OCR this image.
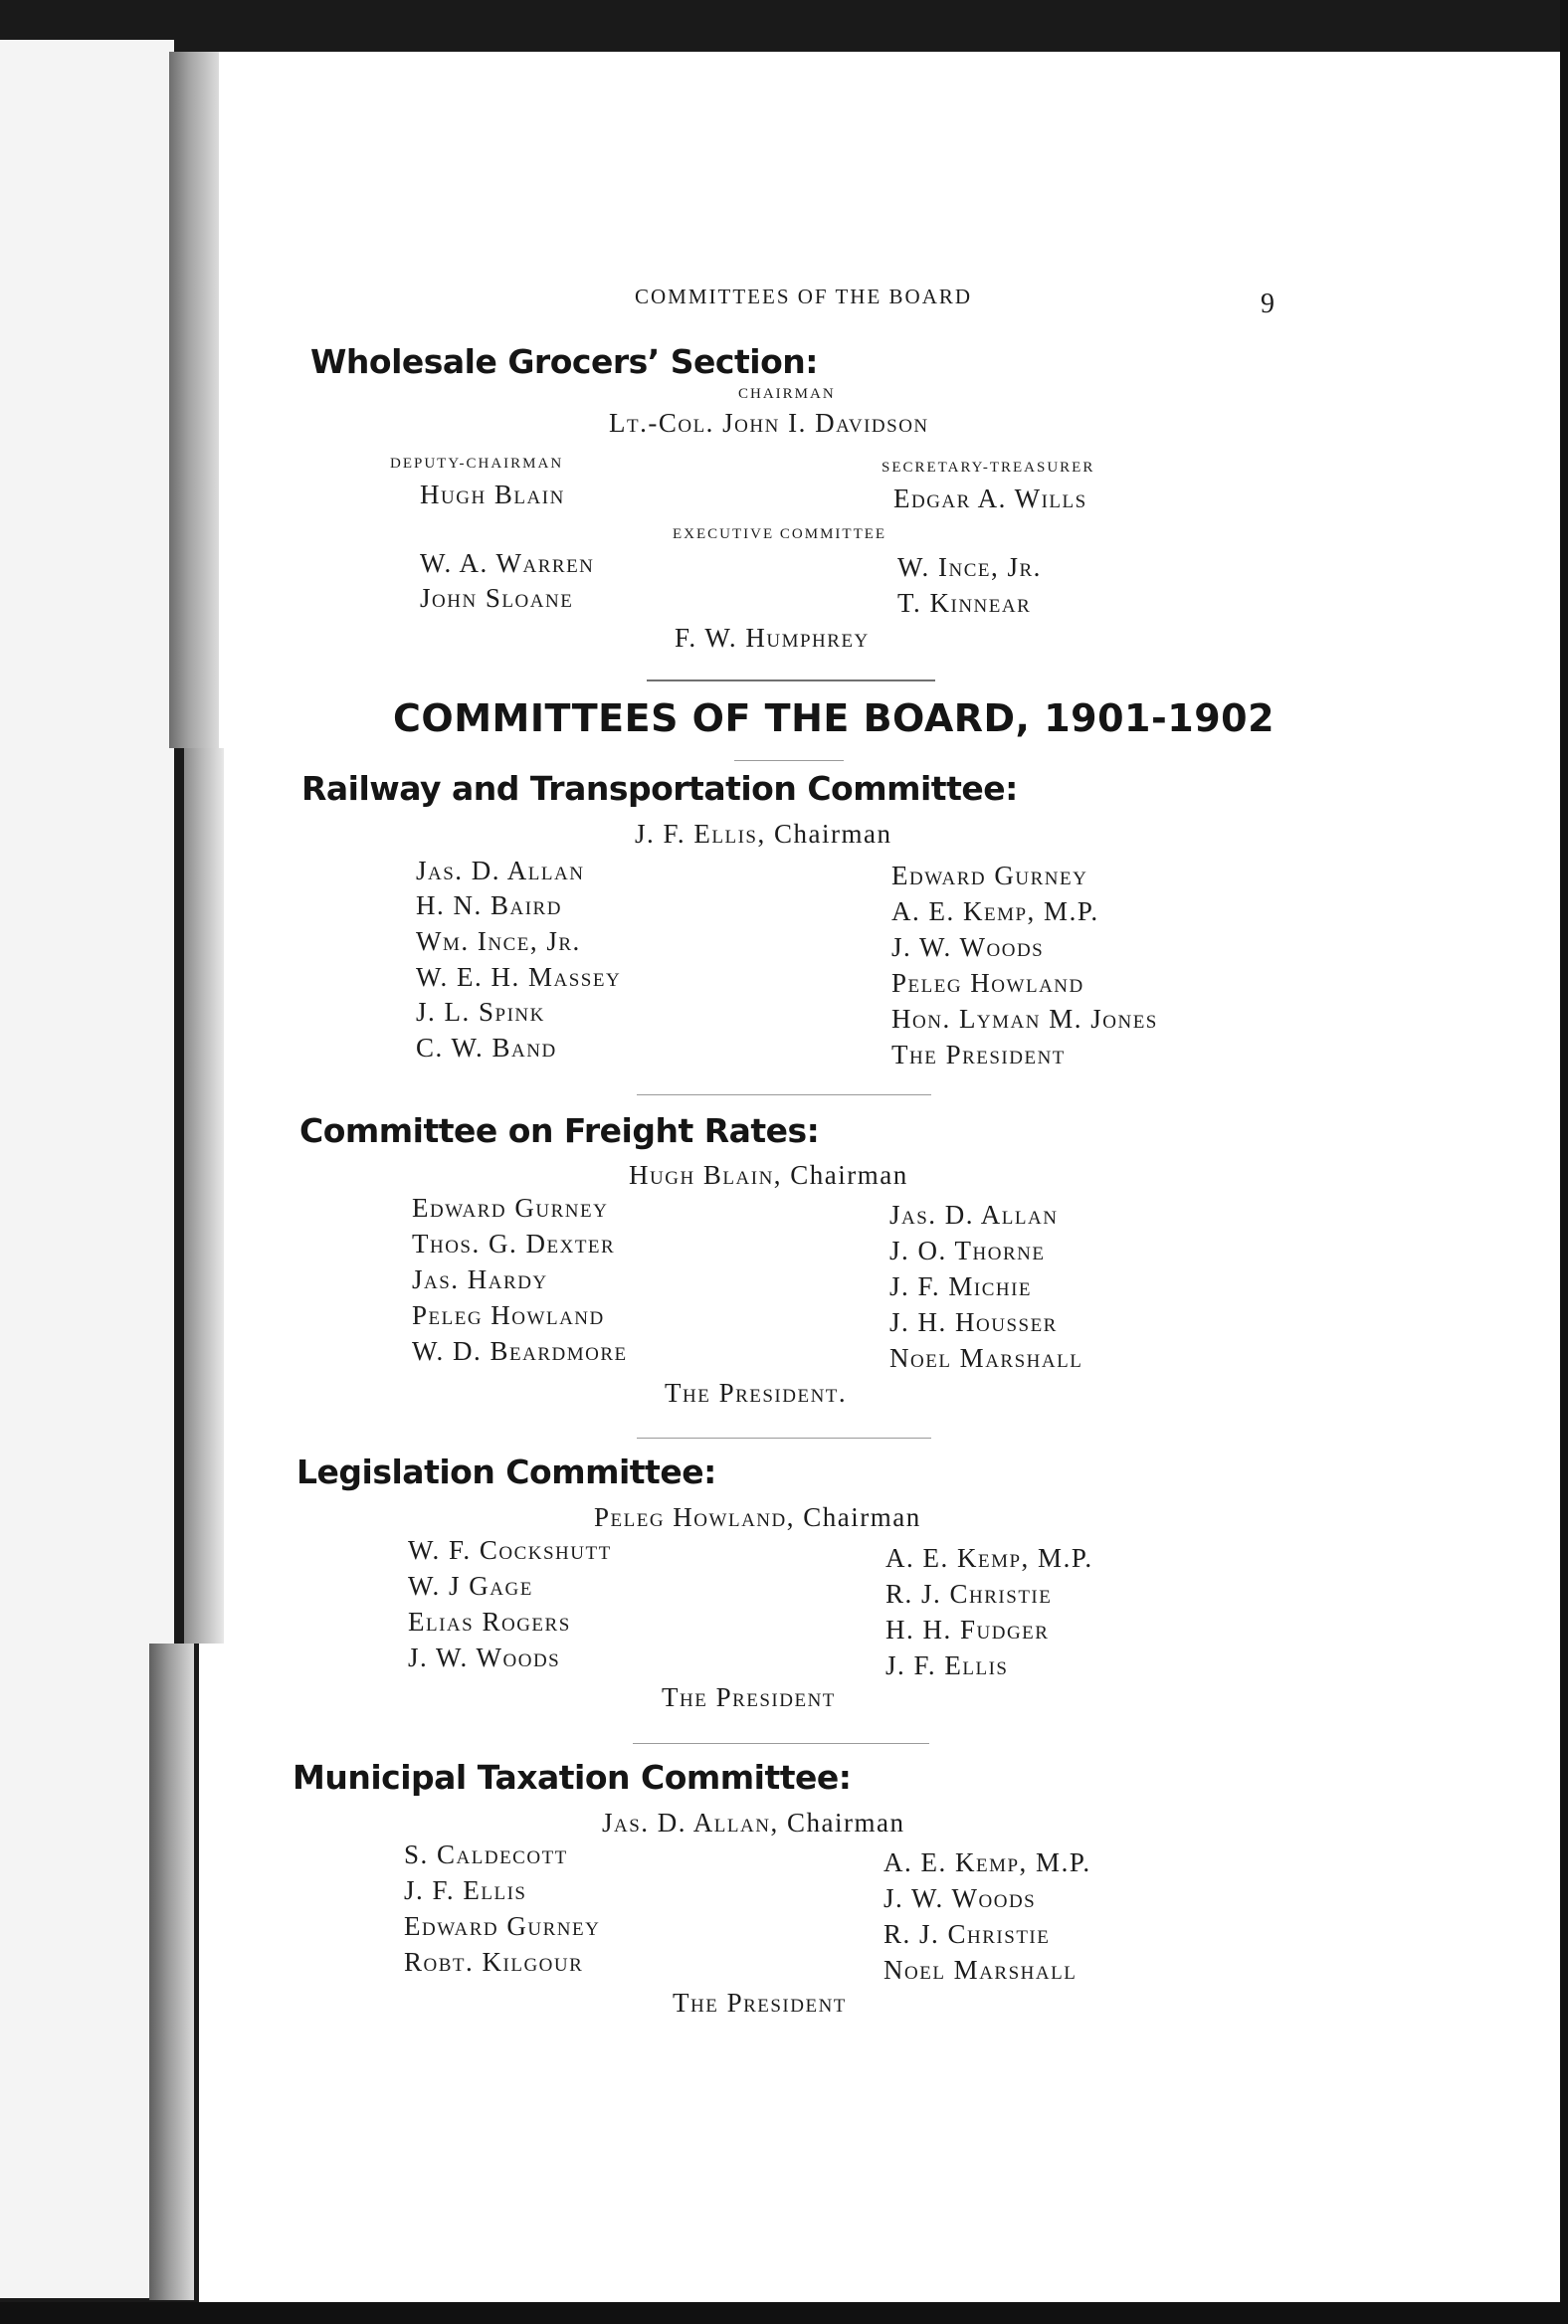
COMMITTEES OF THE BOARD	9
Wholesale Grocers’ Section:
CHAIRMAN
Lt.-Col. John I. Davidson
DEPUTY-CHAIRMAN
Hugh Blain
SECRETARY-TREASURER
Edgar A. Wills
EXECUTIVE COMMITTEE
W. A. Warren
John Sloane
W. Ince, Jr.
T. Kinnear
F. W. Humphrey
COMMITTEES OF THE BOARD, 1901-1902
Railway and Transportation Committee:
J. F. Ellis, Chairman
Jas. D. Allan
H. N. Baird
Wm. Ince, Jr.
W. E. H. Massey
J. L. Spink
C. W. Band
Edward Gurney
A. E. Kemp, M.P.
J. W. Woods
Peleg Howland
Hon. Lyman M. Jones
The President
Committee on Freight Rates:
Hugh Blain, Chairman
Edward Gurney
Thos. G. Dexter
Jas. Hardy
Peleg Howland
W. D. Beardmore
Jas. D. Allan
J. O. Thorne
J. F. Michie
J. H. Housser
Noel Marshall
The President.
Legislation Committee:
Peleg Howland, Chairman
W. F. Cockshutt
W. J Gage
Elias Rogers
J. W. Woods
A. E. Kemp, M.P.
R. J. Christie
H. H. Fudger
J. F. Ellis
The President
Municipal Taxation Committee:
Jas. D. Allan, Chairman
S. Caldecott
J. F. Ellis
Edward Gurney
Robt. Kilgour
A. E. Kemp, M.P.
J. W. Woods
R. J. Christie
Noel Marshall
The President
